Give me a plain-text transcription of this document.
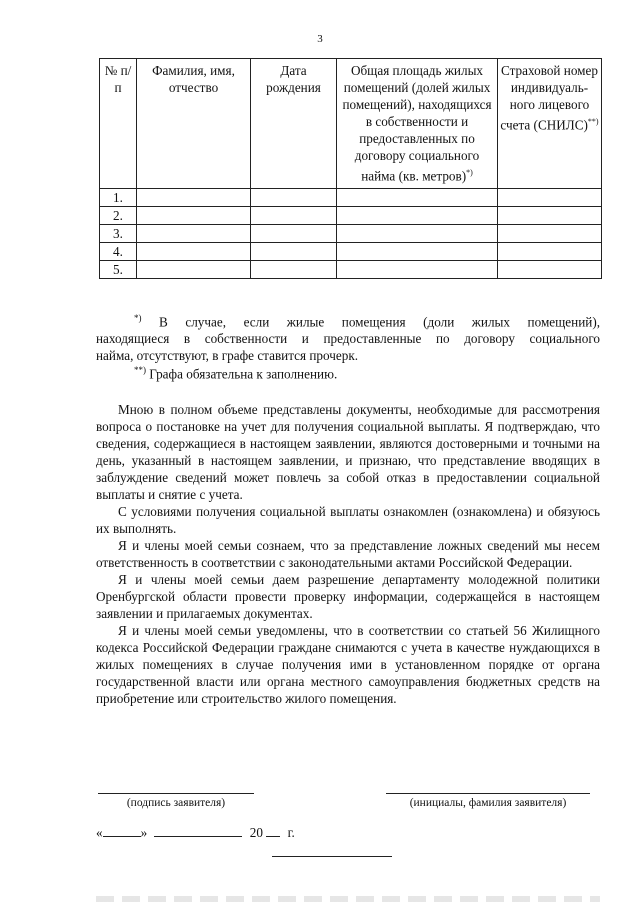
3
№ п/п	Фамилия, имя, отчество	Дата рождения	Общая площадь жилых помещений (долей жилых помещений), находящихся в собственности и предоставленных по договору социального найма (кв. метров)*)	Страховой номер индивидуаль-ного лицевого счета (СНИЛС)**)
1.				
2.				
3.				
4.				
5.				
*) В случае, если жилые помещения (доли жилых помещений),
находящиеся в собственности и предоставленные по договору социального
найма, отсутствуют, в графе ставится прочерк.
**) Графа обязательна к заполнению.

Мною в полном объеме представлены документы, необходимые для рассмотрения вопроса о постановке на учет для получения социальной выплаты. Я подтверждаю, что сведения, содержащиеся в настоящем заявлении, являются достоверными и точными на день, указанный в настоящем заявлении, и признаю, что представление вводящих в заблуждение сведений может повлечь за собой отказ в предоставлении социальной выплаты и снятие с учета.

С условиями получения социальной выплаты ознакомлен (ознакомлена) и обязуюсь их выполнять.

Я и члены моей семьи сознаем, что за представление ложных сведений мы несем ответственность в соответствии с законодательными актами Российской Федерации.

Я и члены моей семьи даем разрешение департаменту молодежной политики Оренбургской области провести проверку информации, содержащейся в настоящем заявлении и прилагаемых документах.

Я и члены моей семьи уведомлены, что в соответствии со статьей 56 Жилищного кодекса Российской Федерации граждане снимаются с учета в качестве нуждающихся в жилых помещениях в случае получения ими в установленном порядке от органа государственной власти или органа местного самоуправления бюджетных средств на приобретение или строительство жилого помещения.

(подпись заявителя)	(инициалы, фамилия заявителя)
«	»	20 г.
